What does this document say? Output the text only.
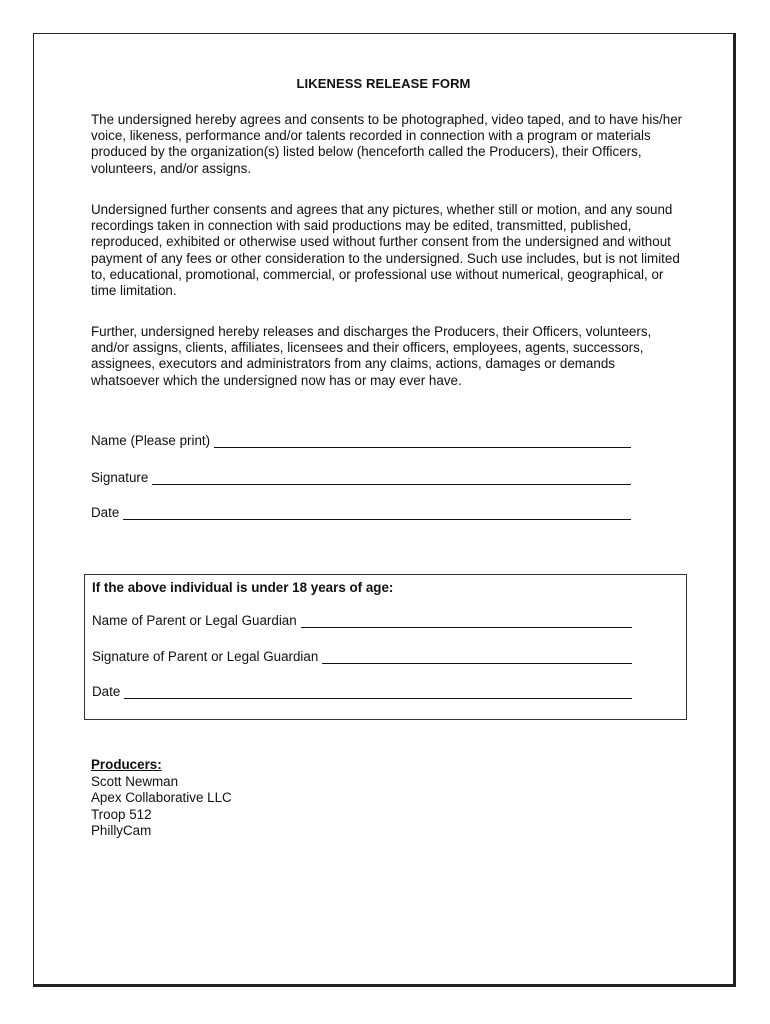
LIKENESS RELEASE FORM

The undersigned hereby agrees and consents to be photographed, video taped, and to have his/her voice, likeness, performance and/or talents recorded in connection with a program or materials produced by the organization(s) listed below (henceforth called the Producers), their Officers, volunteers, and/or assigns.

Undersigned further consents and agrees that any pictures, whether still or motion, and any sound recordings taken in connection with said productions may be edited, transmitted, published, reproduced, exhibited or otherwise used without further consent from the undersigned and without payment of any fees or other consideration to the undersigned. Such use includes, but is not limited to, educational, promotional, commercial, or professional use without numerical, geographical, or time limitation.

Further, undersigned hereby releases and discharges the Producers, their Officers, volunteers, and/or assigns, clients, affiliates, licensees and their officers, employees, agents, successors, assignees, executors and administrators from any claims, actions, damages or demands whatsoever which the undersigned now has or may ever have.

Name (Please print)
Signature
Date
If the above individual is under 18 years of age:
Name of Parent or Legal Guardian
Signature of Parent or Legal Guardian
Date
Producers:
Scott Newman
Apex Collaborative LLC
Troop 512
PhillyCam
